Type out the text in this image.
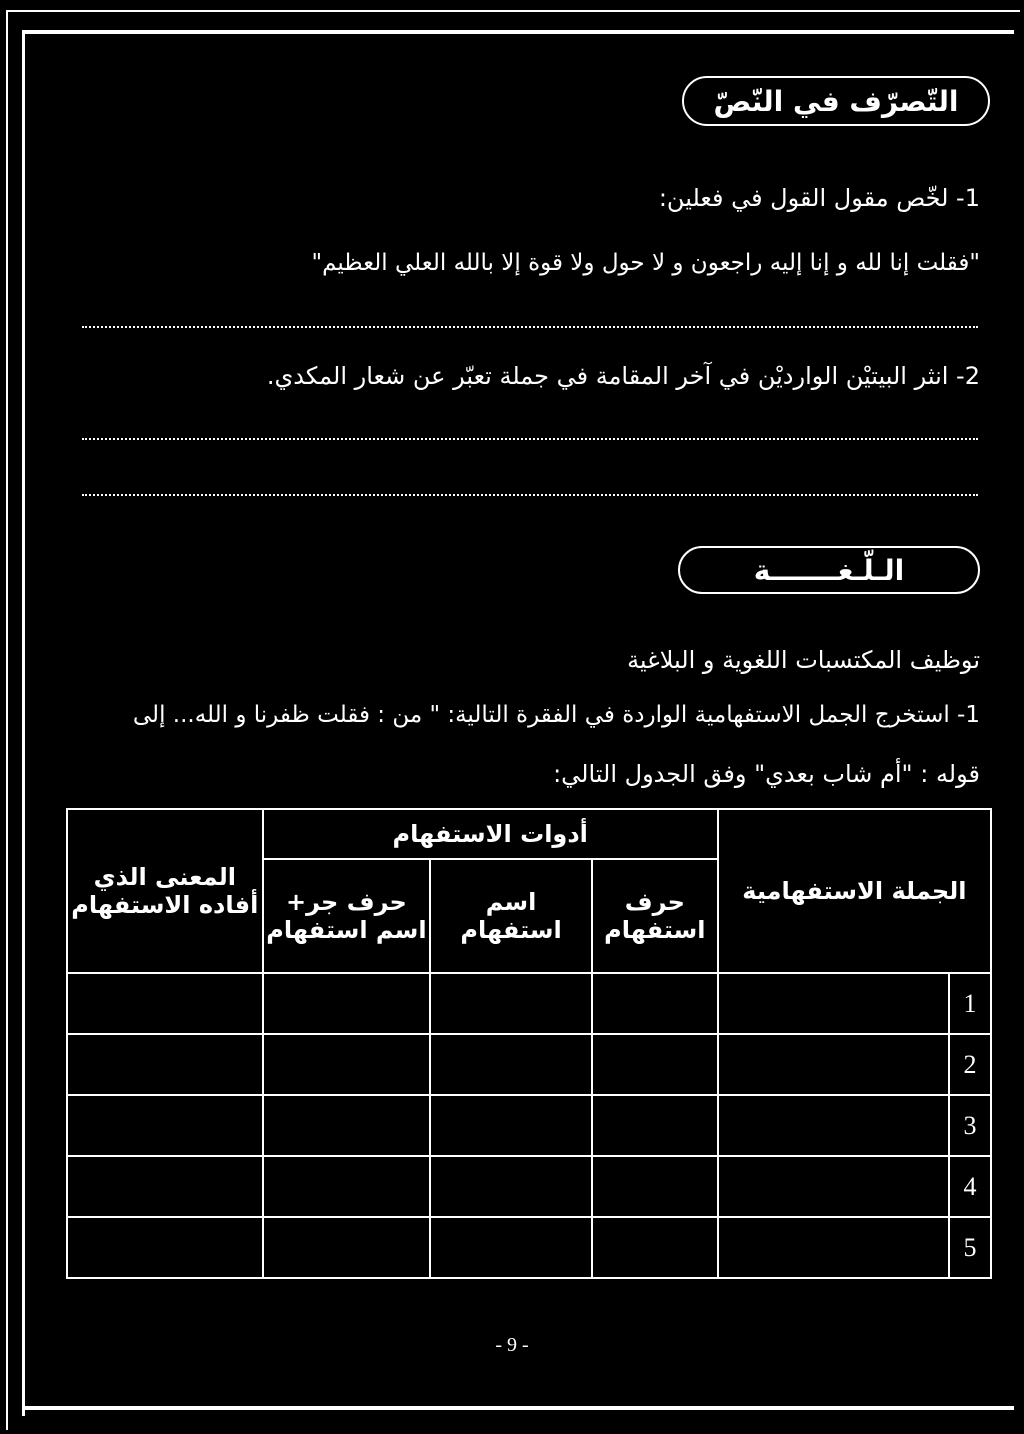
التّصرّف في النّصّ
1- لخّص مقول القول في فعلين:
"فقلت إنا لله و إنا إليه راجعون و لا حول ولا قوة إلا بالله العلي العظيم"
2- انثر البيتيْن الوارديْن في آخر المقامة في جملة تعبّر عن شعار المكدي.
الـلّـغـــــــة
توظيف المكتسبات اللغوية و البلاغية
1- استخرج الجمل الاستفهامية الواردة في الفقرة التالية: " من : فقلت ظفرنا و الله... إلى
قوله : "أم شاب بعدي" وفق الجدول التالي:
الجملة الاستفهامية		أدوات الاستفهام			المعنى الذي أفاده الاستفهام
		حرف استفهام	اسم استفهام	حرف جر+ اسم استفهام	
1					
2					
3					
4					
5					
- 9 -
